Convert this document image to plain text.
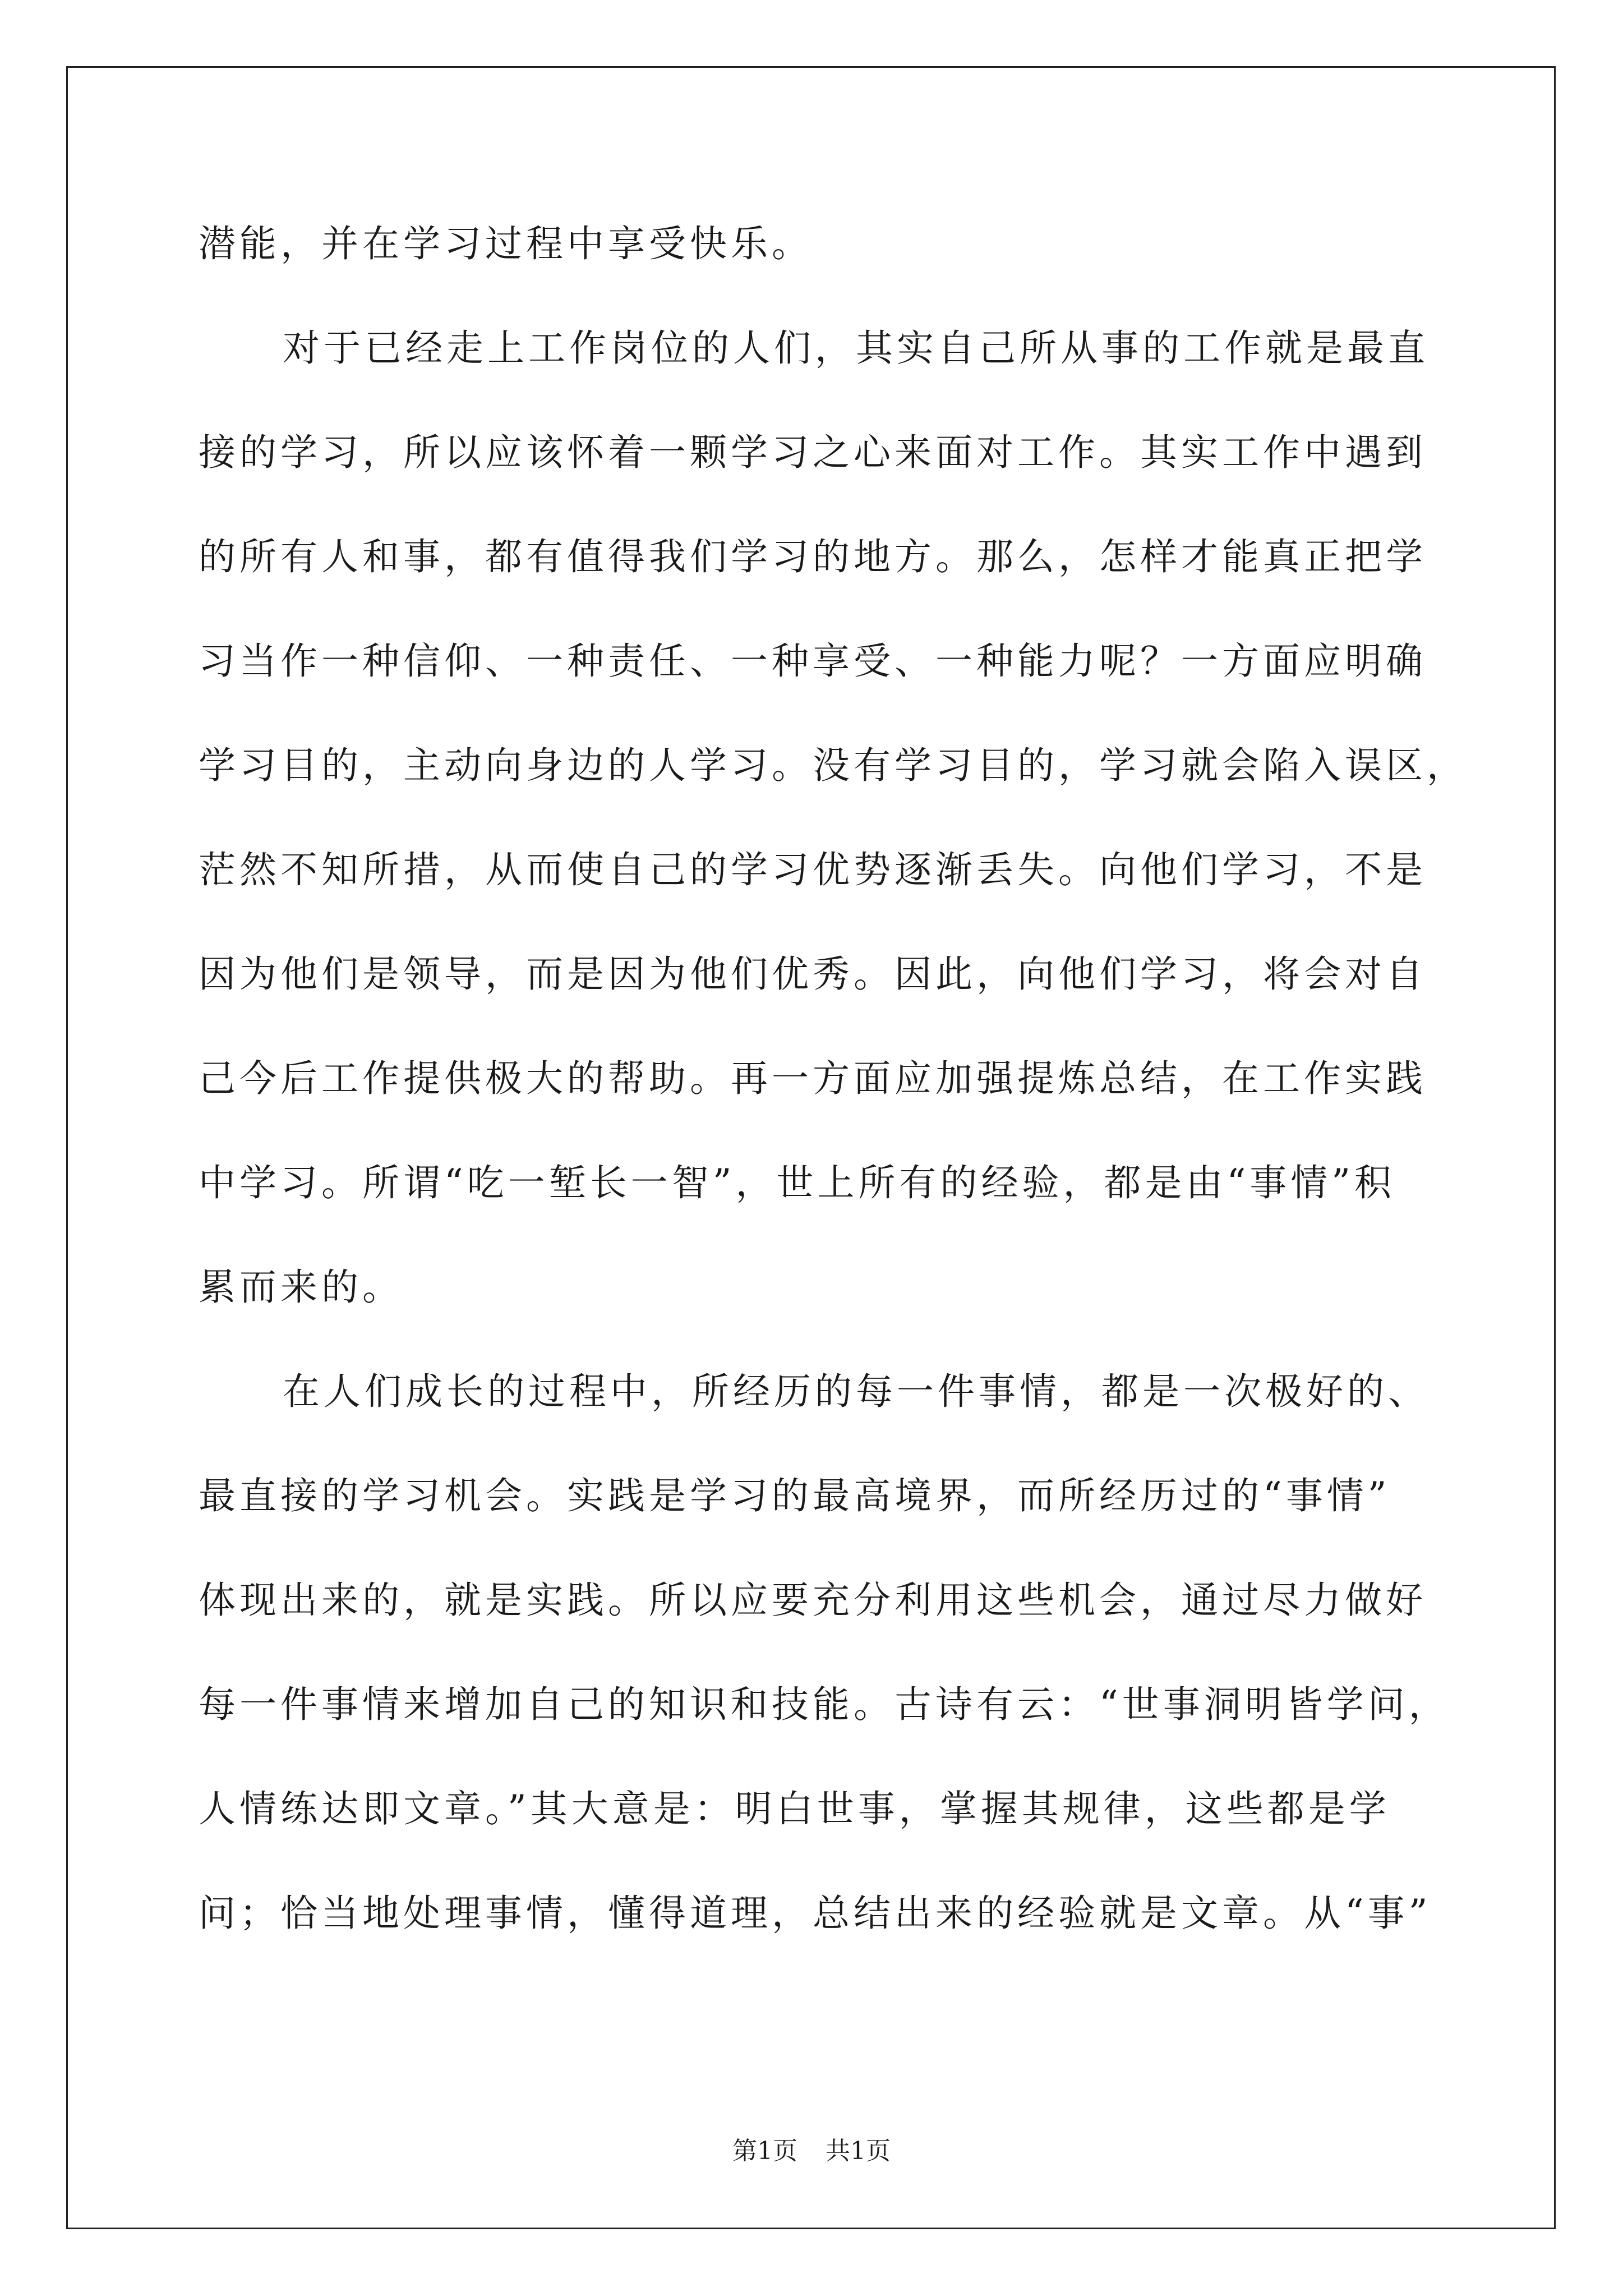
潜能，并在学习过程中享受快乐。
对于已经走上工作岗位的人们，其实自己所从事的工作就是最直
接的学习，所以应该怀着一颗学习之心来面对工作。其实工作中遇到
的所有人和事，都有值得我们学习的地方。那么，怎样才能真正把学
习当作一种信仰、一种责任、一种享受、一种能力呢？一方面应明确
学习目的，主动向身边的人学习。没有学习目的，学习就会陷入误区，
茫然不知所措，从而使自己的学习优势逐渐丢失。向他们学习，不是
因为他们是领导，而是因为他们优秀。因此，向他们学习，将会对自
己今后工作提供极大的帮助。再一方面应加强提炼总结，在工作实践
中学习。所谓“吃一堑长一智”，世上所有的经验，都是由“事情”积
累而来的。
在人们成长的过程中，所经历的每一件事情，都是一次极好的、
最直接的学习机会。实践是学习的最高境界，而所经历过的“事情”
体现出来的，就是实践。所以应要充分利用这些机会，通过尽力做好
每一件事情来增加自己的知识和技能。古诗有云：“世事洞明皆学问，
人情练达即文章。”其大意是：明白世事，掌握其规律，这些都是学
问；恰当地处理事情，懂得道理，总结出来的经验就是文章。从“事”
第1页 共1页
